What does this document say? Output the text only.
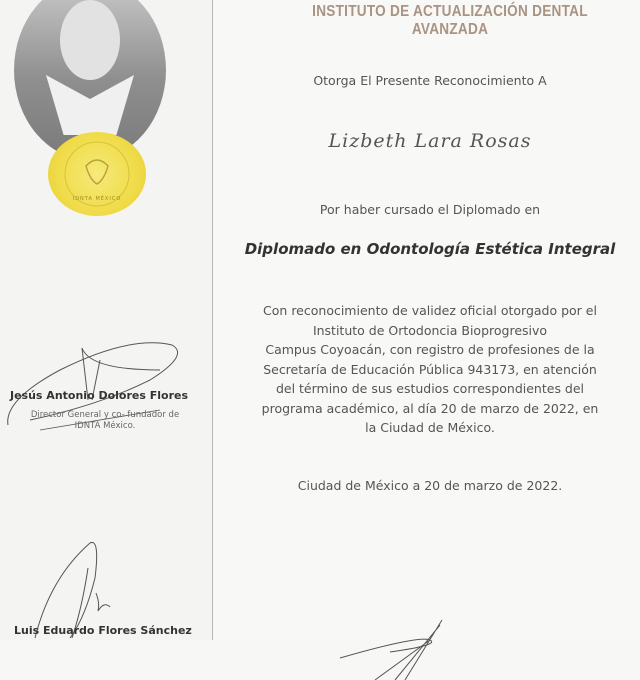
IDNTA MÉXICO
INSTITUTO DE ACTUALIZACIÓN DENTAL AVANZADA
Otorga El Presente Reconocimiento A
Lizbeth Lara Rosas
Por haber cursado el Diplomado en
Diplomado en Odontología Estética Integral
Con reconocimiento de validez oficial otorgado por el
Instituto de Ortodoncia Bioprogresivo
Campus Coyoacán, con registro de profesiones de la
Secretaría de Educación Pública 943173, en atención
del término de sus estudios correspondientes del
programa académico, al día 20 de marzo de 2022, en
la Ciudad de México.
Ciudad de México a 20 de marzo de 2022.
Jesús Antonio Dolores Flores
Director General y co- fundador de
IDNTA México.
Luis Eduardo Flores Sánchez
